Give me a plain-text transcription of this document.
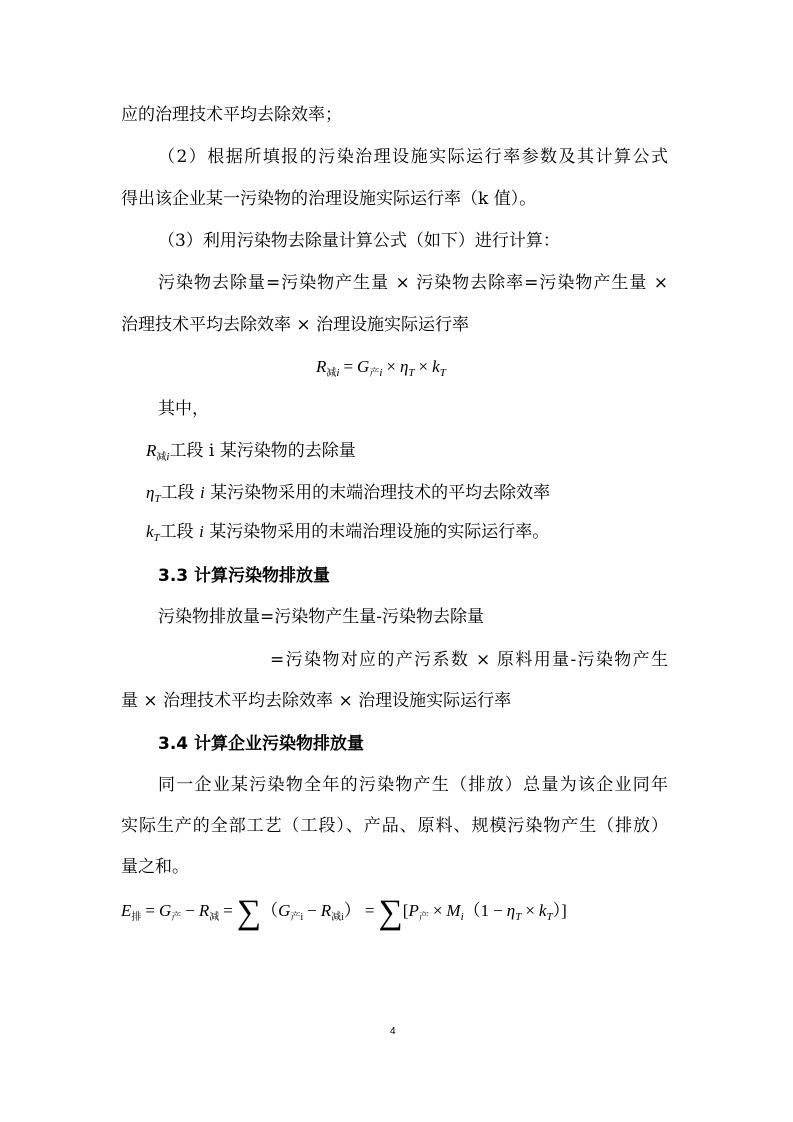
应的治理技术平均去除效率；
（2）根据所填报的污染治理设施实际运行率参数及其计算公式
得出该企业某一污染物的治理设施实际运行率（k 值）。
（3）利用污染物去除量计算公式（如下）进行计算：
污染物去除量=污染物产生量 × 污染物去除率=污染物产生量 ×
治理技术平均去除效率 × 治理设施实际运行率
$R_{减i} = G_{产i} \times \eta_T \times k_T$
其中，
$R_{减i}$工段 i 某污染物的去除量
$\eta_T$工段 i 某污染物采用的末端治理技术的平均去除效率
$k_T$工段 i 某污染物采用的末端治理设施的实际运行率。
3.3 计算污染物排放量
污染物排放量=污染物产生量-污染物去除量
=污染物对应的产污系数 × 原料用量-污染物产生
量 × 治理技术平均去除效率 × 治理设施实际运行率
3.4 计算企业污染物排放量
同一企业某污染物全年的污染物产生（排放）总量为该企业同年
实际生产的全部工艺（工段）、产品、原料、规模污染物产生（排放）
量之和。
$E_排 = G_产 - R_减 = \sum(G_{产i} - R_{减i}) = \sum[P_产 \times M_i(1 - \eta_T \times k_T)]$
4
